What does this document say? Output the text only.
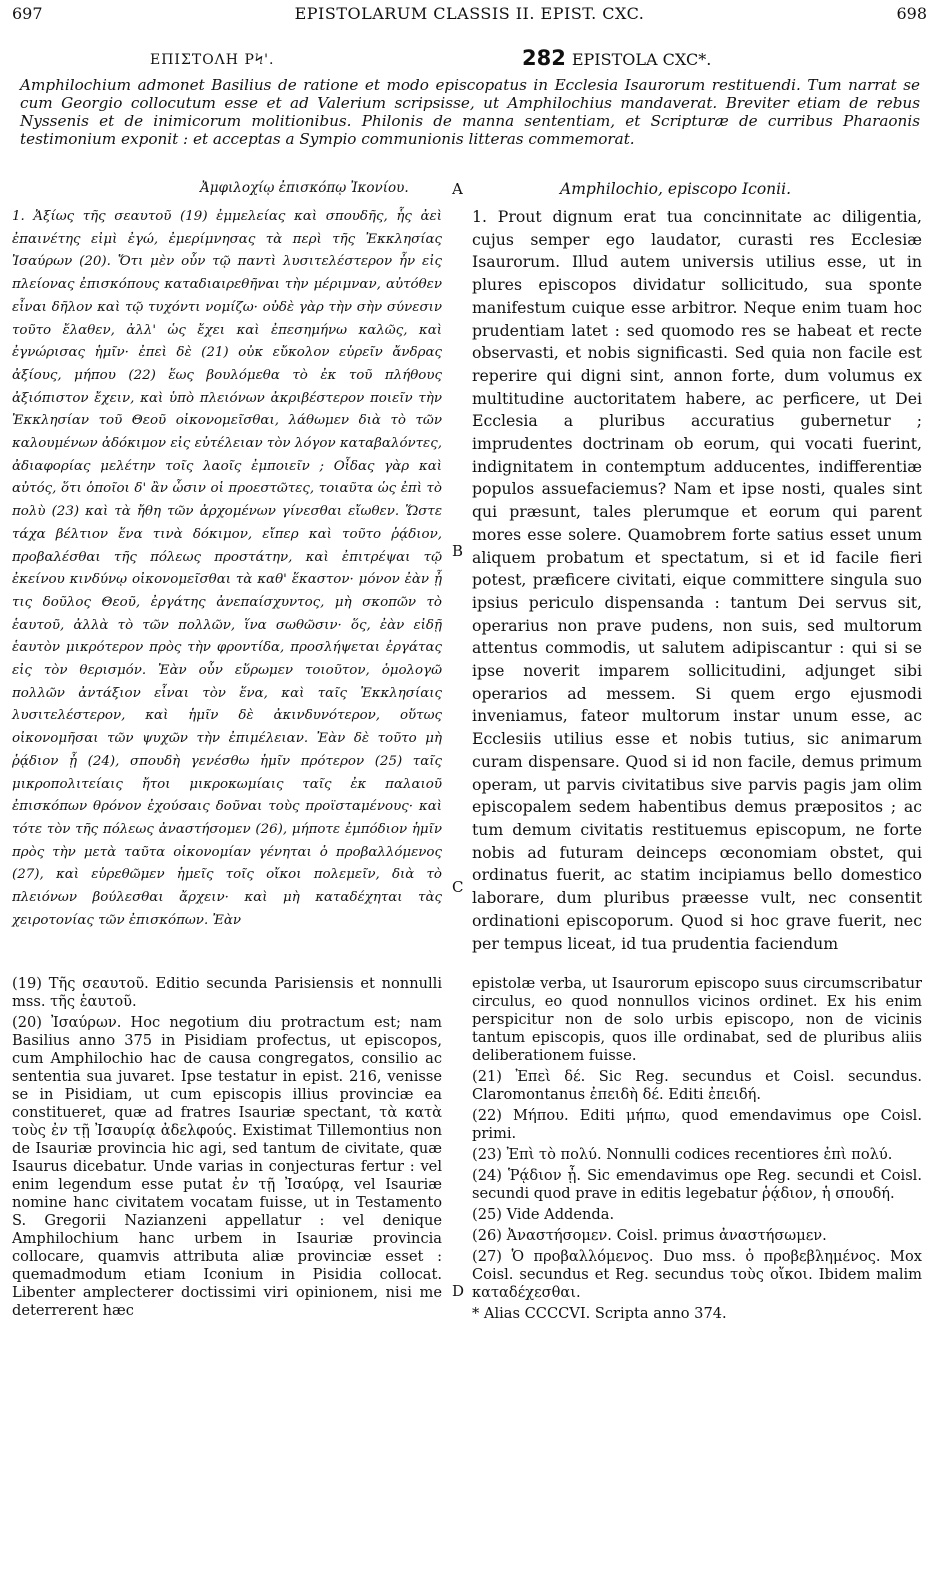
697	EPISTOLARUM CLASSIS II. EPIST. CXC.	698
ΕΠΙΣΤΟΛΗ ΡϞ'.	282 EPISTOLA CXC*.
Amphilochium admonet Basilius de ratione et modo episcopatus in Ecclesia Isaurorum restituendi. Tum narrat se cum Georgio collocutum esse et ad Valerium scripsisse, ut Amphilochius mandaverat. Breviter etiam de rebus Nyssenis et de inimicorum molitionibus. Philonis de manna sententiam, et Scripturæ de curribus Pharaonis testimonium exponit : et acceptas a Sympio communionis litteras commemorat.
Ἀμφιλοχίῳ ἐπισκόπῳ Ἰκονίου.	A	Amphilochio, episcopo Iconii.
1. Ἀξίως τῆς σεαυτοῦ (19) ἐμμελείας καὶ σπουδῆς, ἧς ἀεὶ ἐπαινέτης εἰμὶ ἐγώ, ἐμερίμνησας τὰ περὶ τῆς Ἐκκλησίας Ἰσαύρων (20). Ὅτι μὲν οὖν τῷ παντὶ λυσιτελέστερον ἦν εἰς πλείονας ἐπισκόπους καταδιαιρεθῆναι τὴν μέριμναν, αὐτόθεν εἶναι δῆλον καὶ τῷ τυχόντι νομίζω· οὐδὲ γὰρ τὴν σὴν σύνεσιν τοῦτο ἔλαθεν, ἀλλ' ὡς ἔχει καὶ ἐπεσημήνω καλῶς, καὶ ἐγνώρισας ἡμῖν· ἐπεὶ δὲ (21) οὐκ εὔκολον εὑρεῖν ἄνδρας ἀξίους, μήπου (22) ἕως βουλόμεθα τὸ ἐκ τοῦ πλήθους ἀξιόπιστον ἔχειν, καὶ ὑπὸ πλειόνων ἀκριβέστερον ποιεῖν τὴν Ἐκκλησίαν τοῦ Θεοῦ οἰκονομεῖσθαι, λάθωμεν διὰ τὸ τῶν καλουμένων ἀδόκιμον εἰς εὐτέλειαν τὸν λόγον καταβαλόντες, ἀδιαφορίας μελέτην τοῖς λαοῖς ἐμποιεῖν ; Οἶδας γὰρ καὶ αὐτός, ὅτι ὁποῖοι δ' ἂν ὦσιν οἱ προεστῶτες, τοιαῦτα ὡς ἐπὶ τὸ πολὺ (23) καὶ τὰ ἤθη τῶν ἀρχομένων γίνεσθαι εἴωθεν. Ὥστε τάχα βέλτιον ἕνα τινὰ δόκιμον, εἴπερ καὶ τοῦτο ῥᾴδιον, προβαλέσθαι τῆς πόλεως προστάτην, καὶ ἐπιτρέψαι τῷ ἐκείνου κινδύνῳ οἰκονομεῖσθαι τὰ καθ' ἕκαστον· μόνον ἐὰν ᾖ τις δοῦλος Θεοῦ, ἐργάτης ἀνεπαίσχυντος, μὴ σκοπῶν τὸ ἑαυτοῦ, ἀλλὰ τὸ τῶν πολλῶν, ἵνα σωθῶσιν· ὅς, ἐὰν εἰδῇ ἑαυτὸν μικρότερον πρὸς τὴν φροντίδα, προσλήψεται ἐργάτας εἰς τὸν θερισμόν. Ἐὰν οὖν εὕρωμεν τοιοῦτον, ὁμολογῶ πολλῶν ἀντάξιον εἶναι τὸν ἕνα, καὶ ταῖς Ἐκκλησίαις λυσιτελέστερον, καὶ ἡμῖν δὲ ἀκινδυνότερον, οὕτως οἰκονομῆσαι τῶν ψυχῶν τὴν ἐπιμέλειαν. Ἐὰν δὲ τοῦτο μὴ ῥᾴδιον ᾖ (24), σπουδὴ γενέσθω ἡμῖν πρότερον (25) ταῖς μικροπολιτείαις ἤτοι μικροκωμίαις ταῖς ἐκ παλαιοῦ ἐπισκόπων θρόνον ἐχούσαις δοῦναι τοὺς προϊσταμένους· καὶ τότε τὸν τῆς πόλεως ἀναστήσομεν (26), μήποτε ἐμπόδιον ἡμῖν πρὸς τὴν μετὰ ταῦτα οἰκονομίαν γένηται ὁ προβαλλόμενος (27), καὶ εὑρεθῶμεν ἡμεῖς τοῖς οἴκοι πολεμεῖν, διὰ τὸ πλειόνων βούλεσθαι ἄρχειν· καὶ μὴ καταδέχηται τὰς χειροτονίας τῶν ἐπισκόπων. Ἐὰν
B
C
1. Prout dignum erat tua concinnitate ac diligentia, cujus semper ego laudator, curasti res Ecclesiæ Isaurorum. Illud autem universis utilius esse, ut in plures episcopos dividatur sollicitudo, sua sponte manifestum cuique esse arbitror. Neque enim tuam hoc prudentiam latet : sed quomodo res se habeat et recte observasti, et nobis significasti. Sed quia non facile est reperire qui digni sint, annon forte, dum volumus ex multitudine auctoritatem habere, ac perficere, ut Dei Ecclesia a pluribus accuratius gubernetur ; imprudentes doctrinam ob eorum, qui vocati fuerint, indignitatem in contemptum adducentes, indifferentiæ populos assuefaciemus? Nam et ipse nosti, quales sint qui præsunt, tales plerumque et eorum qui parent mores esse solere. Quamobrem forte satius esset unum aliquem probatum et spectatum, si et id facile fieri potest, præficere civitati, eique committere singula suo ipsius periculo dispensanda : tantum Dei servus sit, operarius non prave pudens, non suis, sed multorum attentus commodis, ut salutem adipiscantur : qui si se ipse noverit imparem sollicitudini, adjunget sibi operarios ad messem. Si quem ergo ejusmodi inveniamus, fateor multorum instar unum esse, ac Ecclesiis utilius esse et nobis tutius, sic animarum curam dispensare. Quod si id non facile, demus primum operam, ut parvis civitatibus sive parvis pagis jam olim episcopalem sedem habentibus demus præpositos ; ac tum demum civitatis restituemus episcopum, ne forte nobis ad futuram deinceps œconomiam obstet, qui ordinatus fuerit, ac statim incipiamus bello domestico laborare, dum pluribus præesse vult, nec consentit ordinationi episcoporum. Quod si hoc grave fuerit, nec per tempus liceat, id tua prudentia faciendum

(19) Τῆς σεαυτοῦ. Editio secunda Parisiensis et nonnulli mss. τῆς ἑαυτοῦ.

(20) Ἰσαύρων. Hoc negotium diu protractum est; nam Basilius anno 375 in Pisidiam profectus, ut episcopos, cum Amphilochio hac de causa congregatos, consilio ac sententia sua juvaret. Ipse testatur in epist. 216, venisse se in Pisidiam, ut cum episcopis illius provinciæ ea constitueret, quæ ad fratres Isauriæ spectant, τὰ κατὰ τοὺς ἐν τῇ Ἰσαυρίᾳ ἀδελφούς. Existimat Tillemontius non de Isauriæ provincia hic agi, sed tantum de civitate, quæ Isaurus dicebatur. Unde varias in conjecturas fertur : vel enim legendum esse putat ἐν τῇ Ἰσαύρᾳ, vel Isauriæ nomine hanc civitatem vocatam fuisse, ut in Testamento S. Gregorii Nazianzeni appellatur : vel denique Amphilochium hanc urbem in Isauriæ provincia collocare, quamvis attributa aliæ provinciæ esset : quemadmodum etiam Iconium in Pisidia collocat. Libenter amplecterer doctissimi viri opinionem, nisi me deterrerent hæc

D

epistolæ verba, ut Isaurorum episcopo suus circumscribatur circulus, eo quod nonnullos vicinos ordinet. Ex his enim perspicitur non de solo urbis episcopo, non de vicinis tantum episcopis, quos ille ordinabat, sed de pluribus aliis deliberationem fuisse.

(21) Ἐπεὶ δέ. Sic Reg. secundus et Coisl. secundus. Claromontanus ἐπειδὴ δέ. Editi ἐπειδή.

(22) Μήπου. Editi μήπω, quod emendavimus ope Coisl. primi.

(23) Ἐπὶ τὸ πολύ. Nonnulli codices recentiores ἐπὶ πολύ.

(24) Ῥᾴδιον ᾖ. Sic emendavimus ope Reg. secundi et Coisl. secundi quod prave in editis legebatur ῥᾴδιον, ἡ σπουδή.

(25) Vide Addenda.

(26) Ἀναστήσομεν. Coisl. primus ἀναστήσωμεν.

(27) Ὁ προβαλλόμενος. Duo mss. ὁ προβεβλημένος. Mox Coisl. secundus et Reg. secundus τοὺς οἴκοι. Ibidem malim καταδέχεσθαι.

* Alias CCCCVI. Scripta anno 374.
